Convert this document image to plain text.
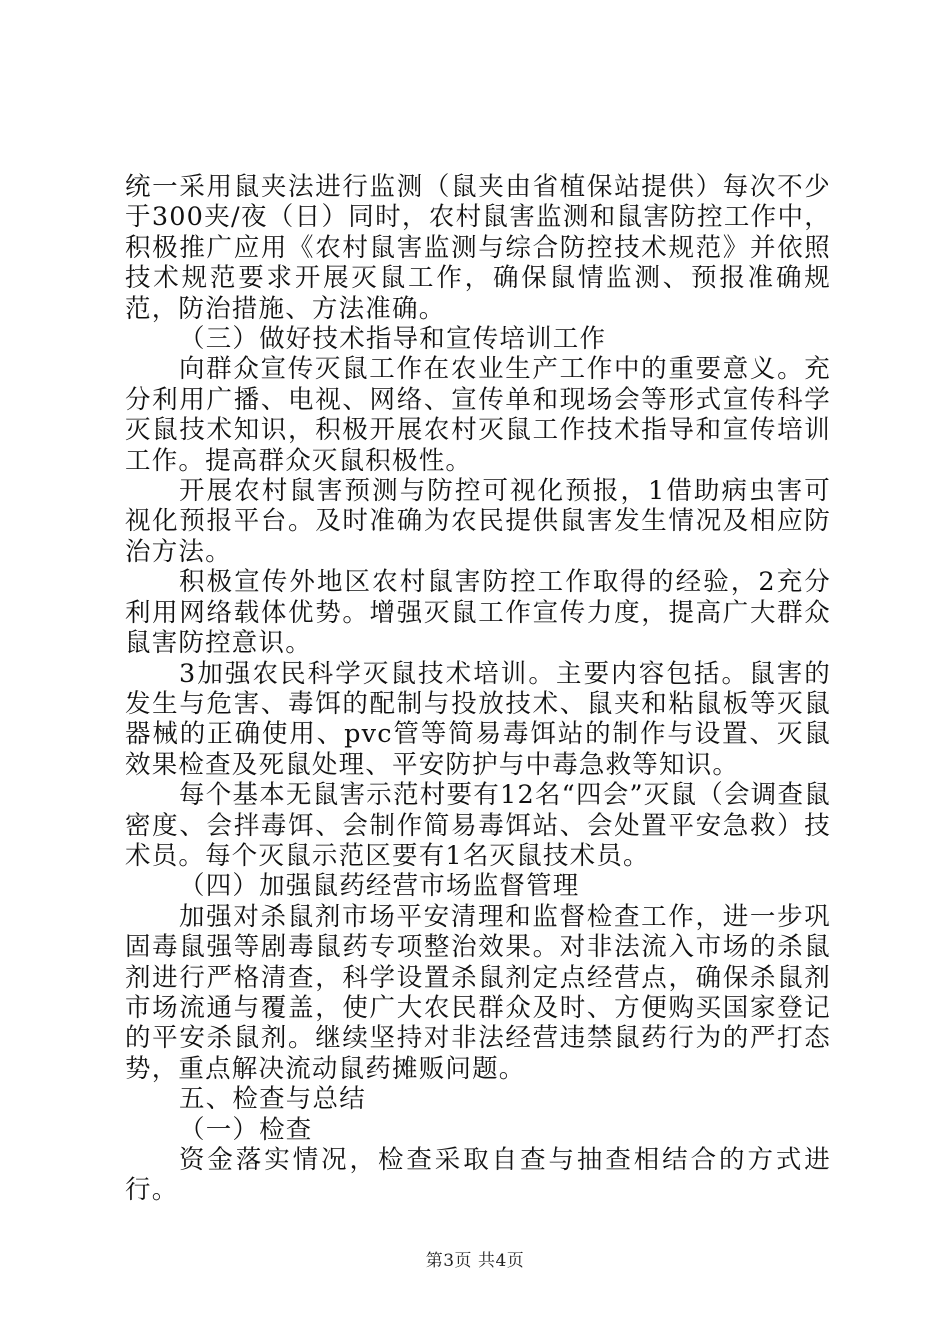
统一采用鼠夹法进行监测（鼠夹由省植保站提供）每次不少于300夹/夜（日）同时，农村鼠害监测和鼠害防控工作中，积极推广应用《农村鼠害监测与综合防控技术规范》并依照技术规范要求开展灭鼠工作，确保鼠情监测、预报准确规范，防治措施、方法准确。

（三）做好技术指导和宣传培训工作

向群众宣传灭鼠工作在农业生产工作中的重要意义。充分利用广播、电视、网络、宣传单和现场会等形式宣传科学灭鼠技术知识，积极开展农村灭鼠工作技术指导和宣传培训工作。提高群众灭鼠积极性。

开展农村鼠害预测与防控可视化预报，1借助病虫害可视化预报平台。及时准确为农民提供鼠害发生情况及相应防治方法。

积极宣传外地区农村鼠害防控工作取得的经验，2充分利用网络载体优势。增强灭鼠工作宣传力度，提高广大群众鼠害防控意识。

3加强农民科学灭鼠技术培训。主要内容包括。鼠害的发生与危害、毒饵的配制与投放技术、鼠夹和粘鼠板等灭鼠器械的正确使用、pvc管等简易毒饵站的制作与设置、灭鼠效果检查及死鼠处理、平安防护与中毒急救等知识。

每个基本无鼠害示范村要有12名“四会”灭鼠（会调查鼠密度、会拌毒饵、会制作简易毒饵站、会处置平安急救）技术员。每个灭鼠示范区要有1名灭鼠技术员。

（四）加强鼠药经营市场监督管理

加强对杀鼠剂市场平安清理和监督检查工作，进一步巩固毒鼠强等剧毒鼠药专项整治效果。对非法流入市场的杀鼠剂进行严格清查，科学设置杀鼠剂定点经营点，确保杀鼠剂市场流通与覆盖，使广大农民群众及时、方便购买国家登记的平安杀鼠剂。继续坚持对非法经营违禁鼠药行为的严打态势，重点解决流动鼠药摊贩问题。

五、检查与总结

（一）检查

资金落实情况，检查采取自查与抽查相结合的方式进行。

第3页 共4页
